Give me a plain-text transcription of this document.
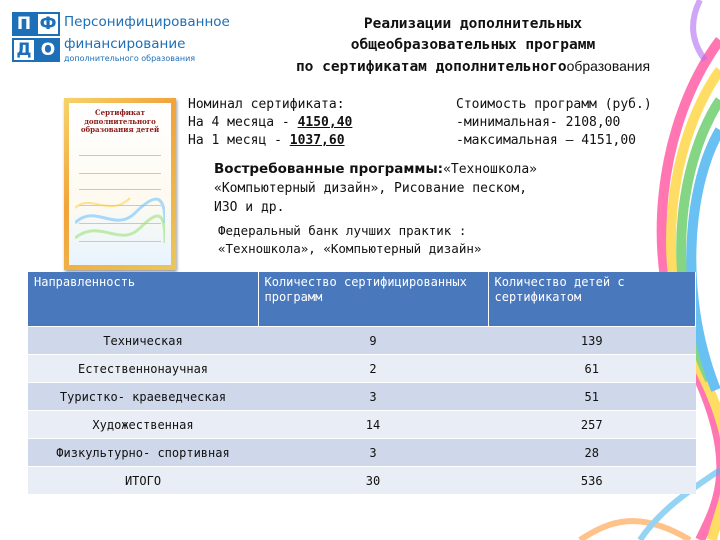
П Ф
Д О
Персонифицированное
финансирование
дополнительного образования
Реализации дополнительных
общеобразовательных программ
по сертификатам дополнительногообразования
Сертификат дополнительного образования детей
Номинал сертификата:
На 4 месяца - 4150,40
На 1 месяц - 1037,60
Стоимость программ (руб.)
-минимальная- 2108,00
-максимальная – 4151,00
Востребованные программы:«Техношкола»
«Компьютерный дизайн», Рисование песком,
ИЗО и др.
Федеральный банк лучших практик :
«Техношкола», «Компьютерный дизайн»
Направленность	Количество сертифицированных программ	Количество детей с сертификатом
Техническая	9	139
Естественнонаучная	2	61
Туристко- краеведческая	3	51
Художественная	14	257
Физкультурно- спортивная	3	28
ИТОГО	30	536
